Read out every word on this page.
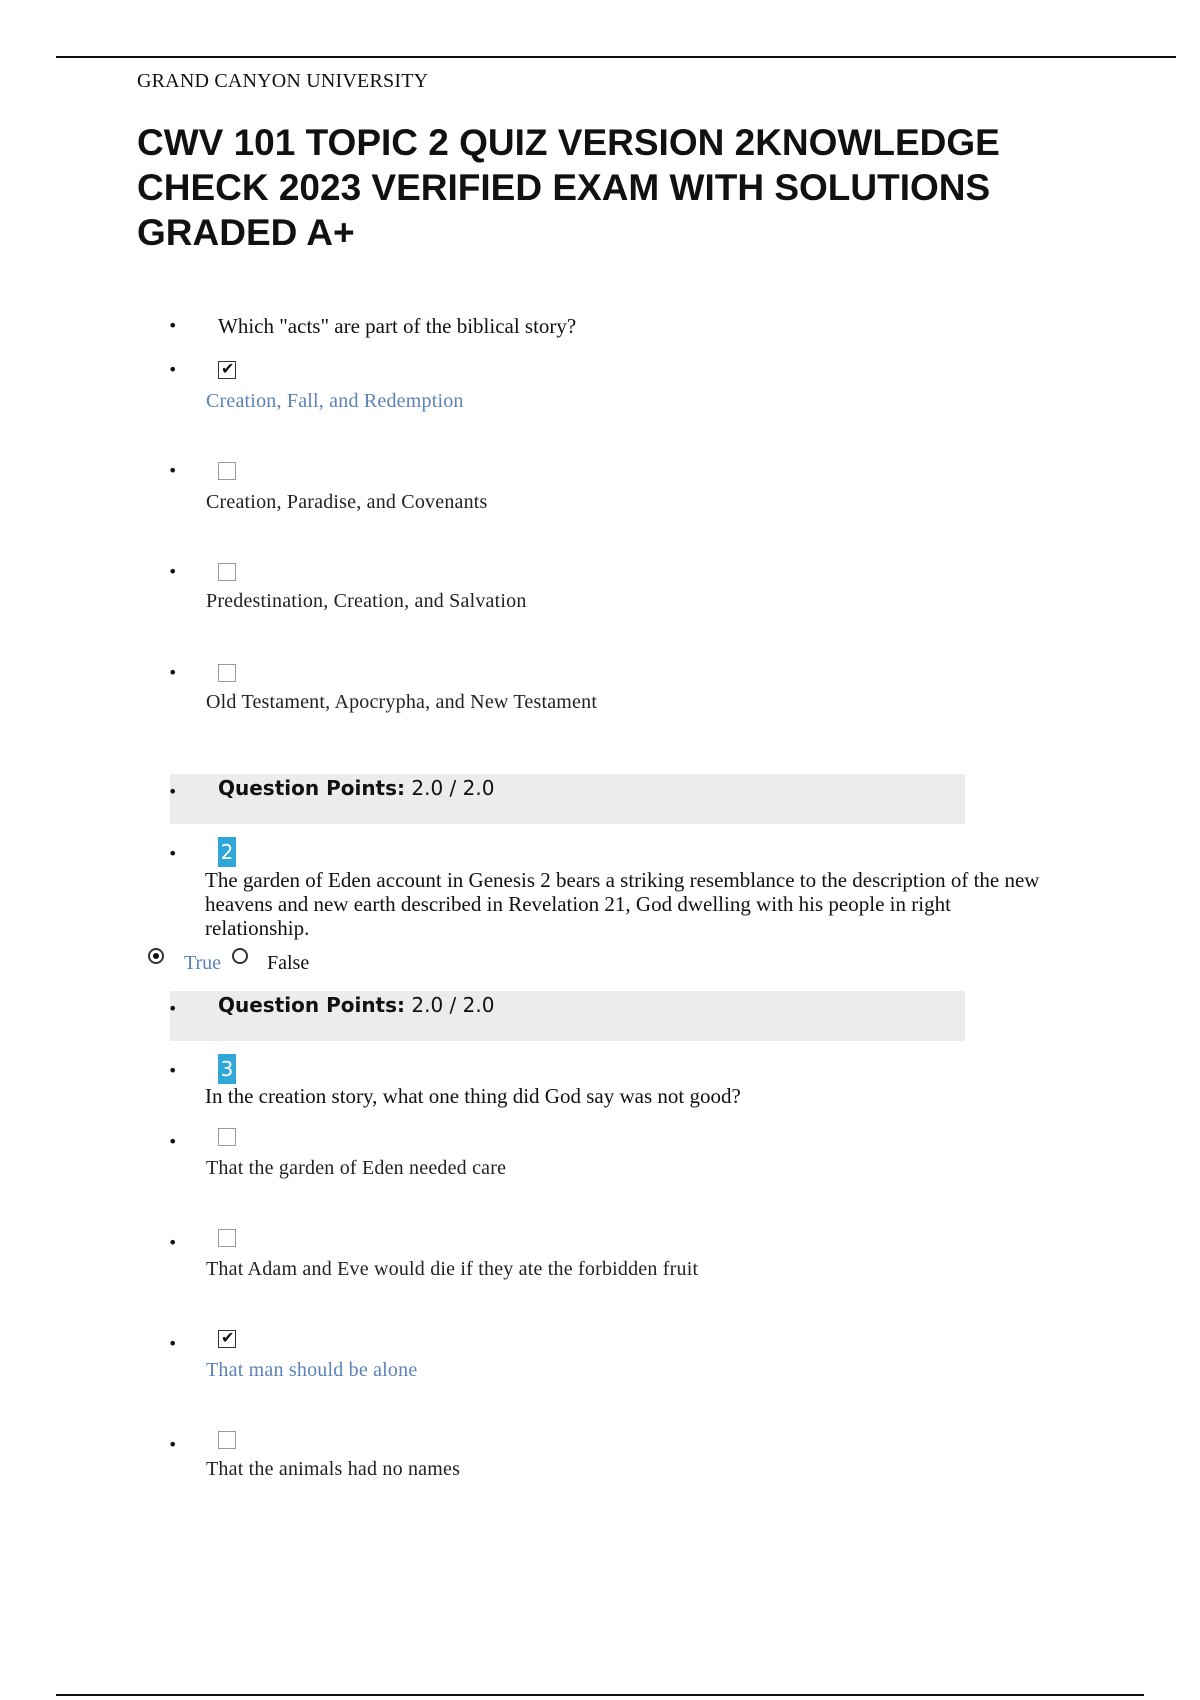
GRAND CANYON UNIVERSITY
CWV 101 TOPIC 2 QUIZ VERSION 2KNOWLEDGE CHECK 2023 VERIFIED EXAM WITH SOLUTIONS GRADED A+
• Which "acts" are part of the biblical story?
•	✔
Creation, Fall, and Redemption
•
Creation, Paradise, and Covenants
•
Predestination, Creation, and Salvation
•
Old Testament, Apocrypha, and New Testament
• Question Points: 2.0 / 2.0
• 2
The garden of Eden account in Genesis 2 bears a striking resemblance to the description of the new heavens and new earth described in Revelation 21, God dwelling with his people in right relationship.
True False
• Question Points: 2.0 / 2.0
• 3
In the creation story, what one thing did God say was not good?
•
That the garden of Eden needed care
•
That Adam and Eve would die if they ate the forbidden fruit
•	✔
That man should be alone
•
That the animals had no names
